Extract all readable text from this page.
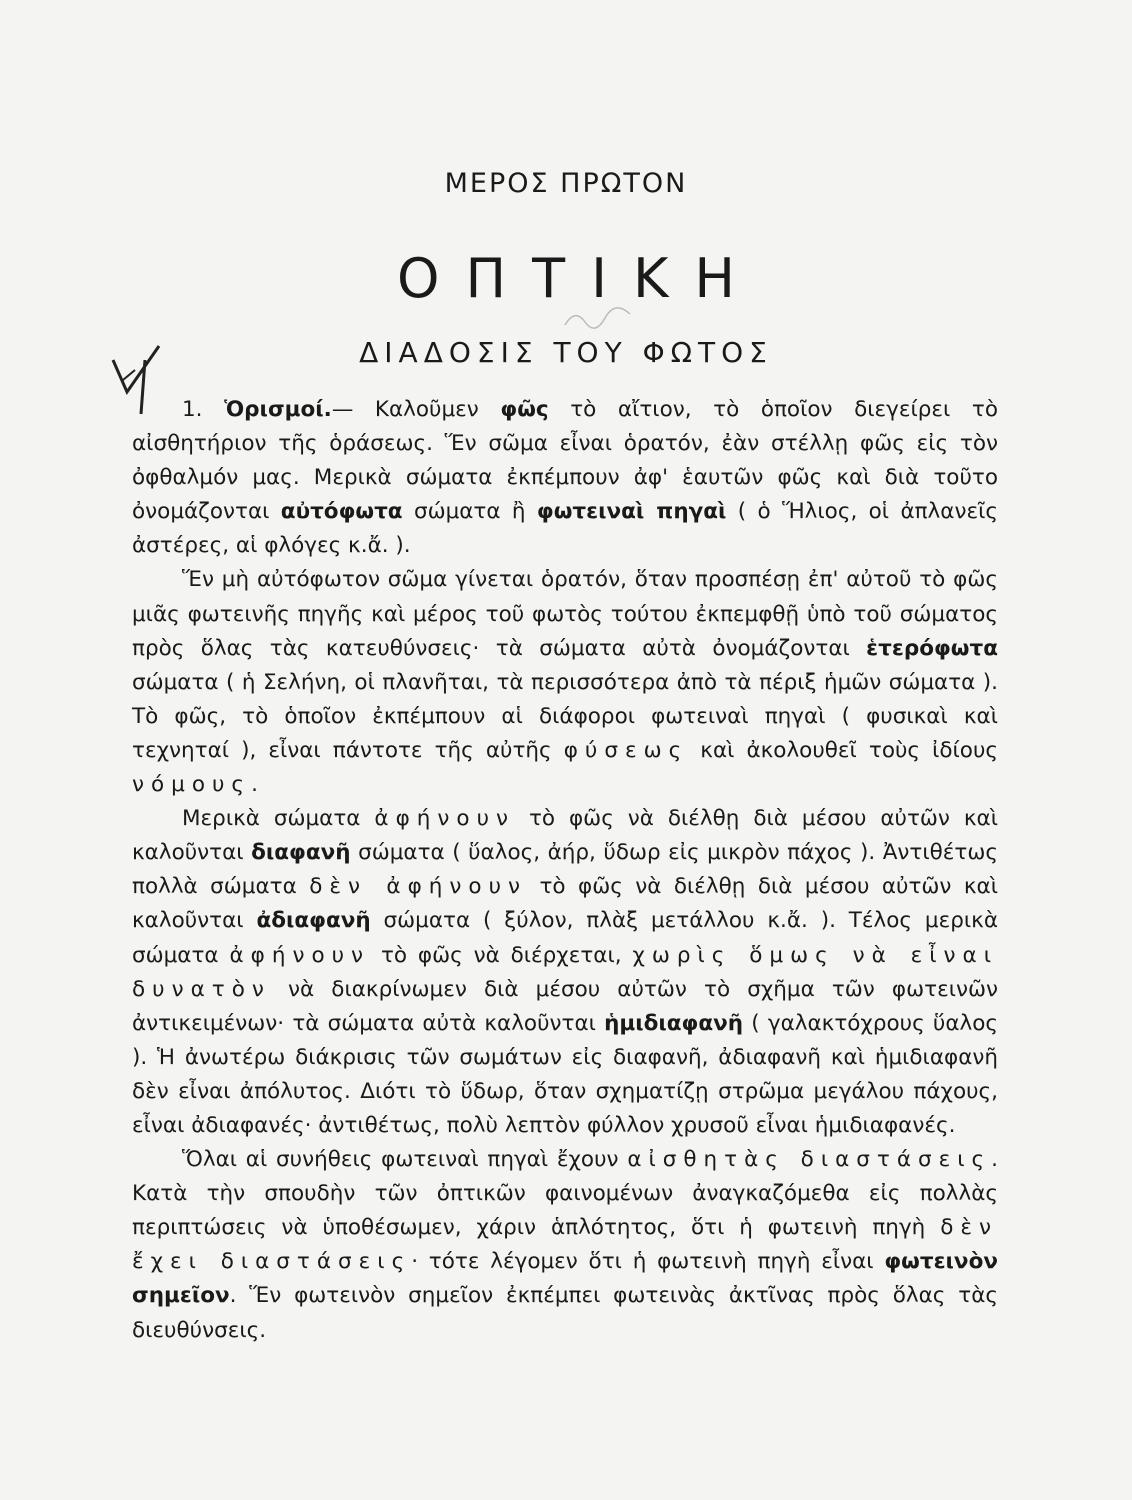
ΜΕΡΟΣ ΠΡΩΤΟΝ
ΟΠΤΙΚΗ
ΔΙΑΔΟΣΙΣ ΤΟΥ ΦΩΤΟΣ

1. Ὁρισμοί.— Καλοῦμεν φῶς τὸ αἴτιον, τὸ ὁποῖον διεγείρει τὸ αἰσθητήριον τῆς ὁράσεως. Ἕν σῶμα εἶναι ὁρατόν, ἐὰν στέλλῃ φῶς εἰς τὸν ὀφθαλμόν μας. Μερικὰ σώματα ἐκπέμπουν ἀφ' ἑαυτῶν φῶς καὶ διὰ τοῦτο ὀνομάζονται αὐτόφωτα σώματα ἢ φωτειναὶ πηγαὶ ( ὁ Ἥλιος, οἱ ἀπλανεῖς ἀστέρες, αἱ φλόγες κ.ἄ. ).

Ἕν μὴ αὐτόφωτον σῶμα γίνεται ὁρατόν, ὅταν προσπέσῃ ἐπ' αὐτοῦ τὸ φῶς μιᾶς φωτεινῆς πηγῆς καὶ μέρος τοῦ φωτὸς τούτου ἐκπεμφθῇ ὑπὸ τοῦ σώματος πρὸς ὅλας τὰς κατευθύνσεις· τὰ σώματα αὐτὰ ὀνομάζονται ἑτερόφωτα σώματα ( ἡ Σελήνη, οἱ πλανῆται, τὰ περισσότερα ἀπὸ τὰ πέριξ ἡμῶν σώματα ). Τὸ φῶς, τὸ ὁποῖον ἐκπέμπουν αἱ διάφοροι φωτειναὶ πηγαὶ ( φυσικαὶ καὶ τεχνηταί ), εἶναι πάντοτε τῆς αὐτῆς φύσεως καὶ ἀκολουθεῖ τοὺς ἰδίους νόμους.

Μερικὰ σώματα ἀφήνουν τὸ φῶς νὰ διέλθῃ διὰ μέσου αὐτῶν καὶ καλοῦνται διαφανῆ σώματα ( ὕαλος, ἀήρ, ὕδωρ εἰς μικρὸν πάχος ). Ἀντιθέτως πολλὰ σώματα δὲν ἀφήνουν τὸ φῶς νὰ διέλθῃ διὰ μέσου αὐτῶν καὶ καλοῦνται ἀδιαφανῆ σώματα ( ξύλον, πλὰξ μετάλλου κ.ἄ. ). Τέλος μερικὰ σώματα ἀφήνουν τὸ φῶς νὰ διέρχεται, χωρὶς ὅμως νὰ εἶναι δυνατὸν νὰ διακρίνωμεν διὰ μέσου αὐτῶν τὸ σχῆμα τῶν φωτεινῶν ἀντικειμένων· τὰ σώματα αὐτὰ καλοῦνται ἡμιδιαφανῆ ( γαλακτόχρους ὕαλος ). Ἡ ἀνωτέρω διάκρισις τῶν σωμάτων εἰς διαφανῆ, ἀδιαφανῆ καὶ ἡμιδιαφανῆ δὲν εἶναι ἀπόλυτος. Διότι τὸ ὕδωρ, ὅταν σχηματίζῃ στρῶμα μεγάλου πάχους, εἶναι ἀδιαφανές· ἀντιθέτως, πολὺ λεπτὸν φύλλον χρυσοῦ εἶναι ἡμιδιαφανές.

Ὅλαι αἱ συνήθεις φωτειναὶ πηγαὶ ἔχουν αἰσθητὰς διαστάσεις. Κατὰ τὴν σπουδὴν τῶν ὀπτικῶν φαινομένων ἀναγκαζόμεθα εἰς πολλὰς περιπτώσεις νὰ ὑποθέσωμεν, χάριν ἁπλότητος, ὅτι ἡ φωτεινὴ πηγὴ δὲν ἔχει διαστάσεις· τότε λέγομεν ὅτι ἡ φωτεινὴ πηγὴ εἶναι φωτεινὸν σημεῖον. Ἕν φωτεινὸν σημεῖον ἐκπέμπει φωτεινὰς ἀκτῖνας πρὸς ὅλας τὰς διευθύνσεις.
